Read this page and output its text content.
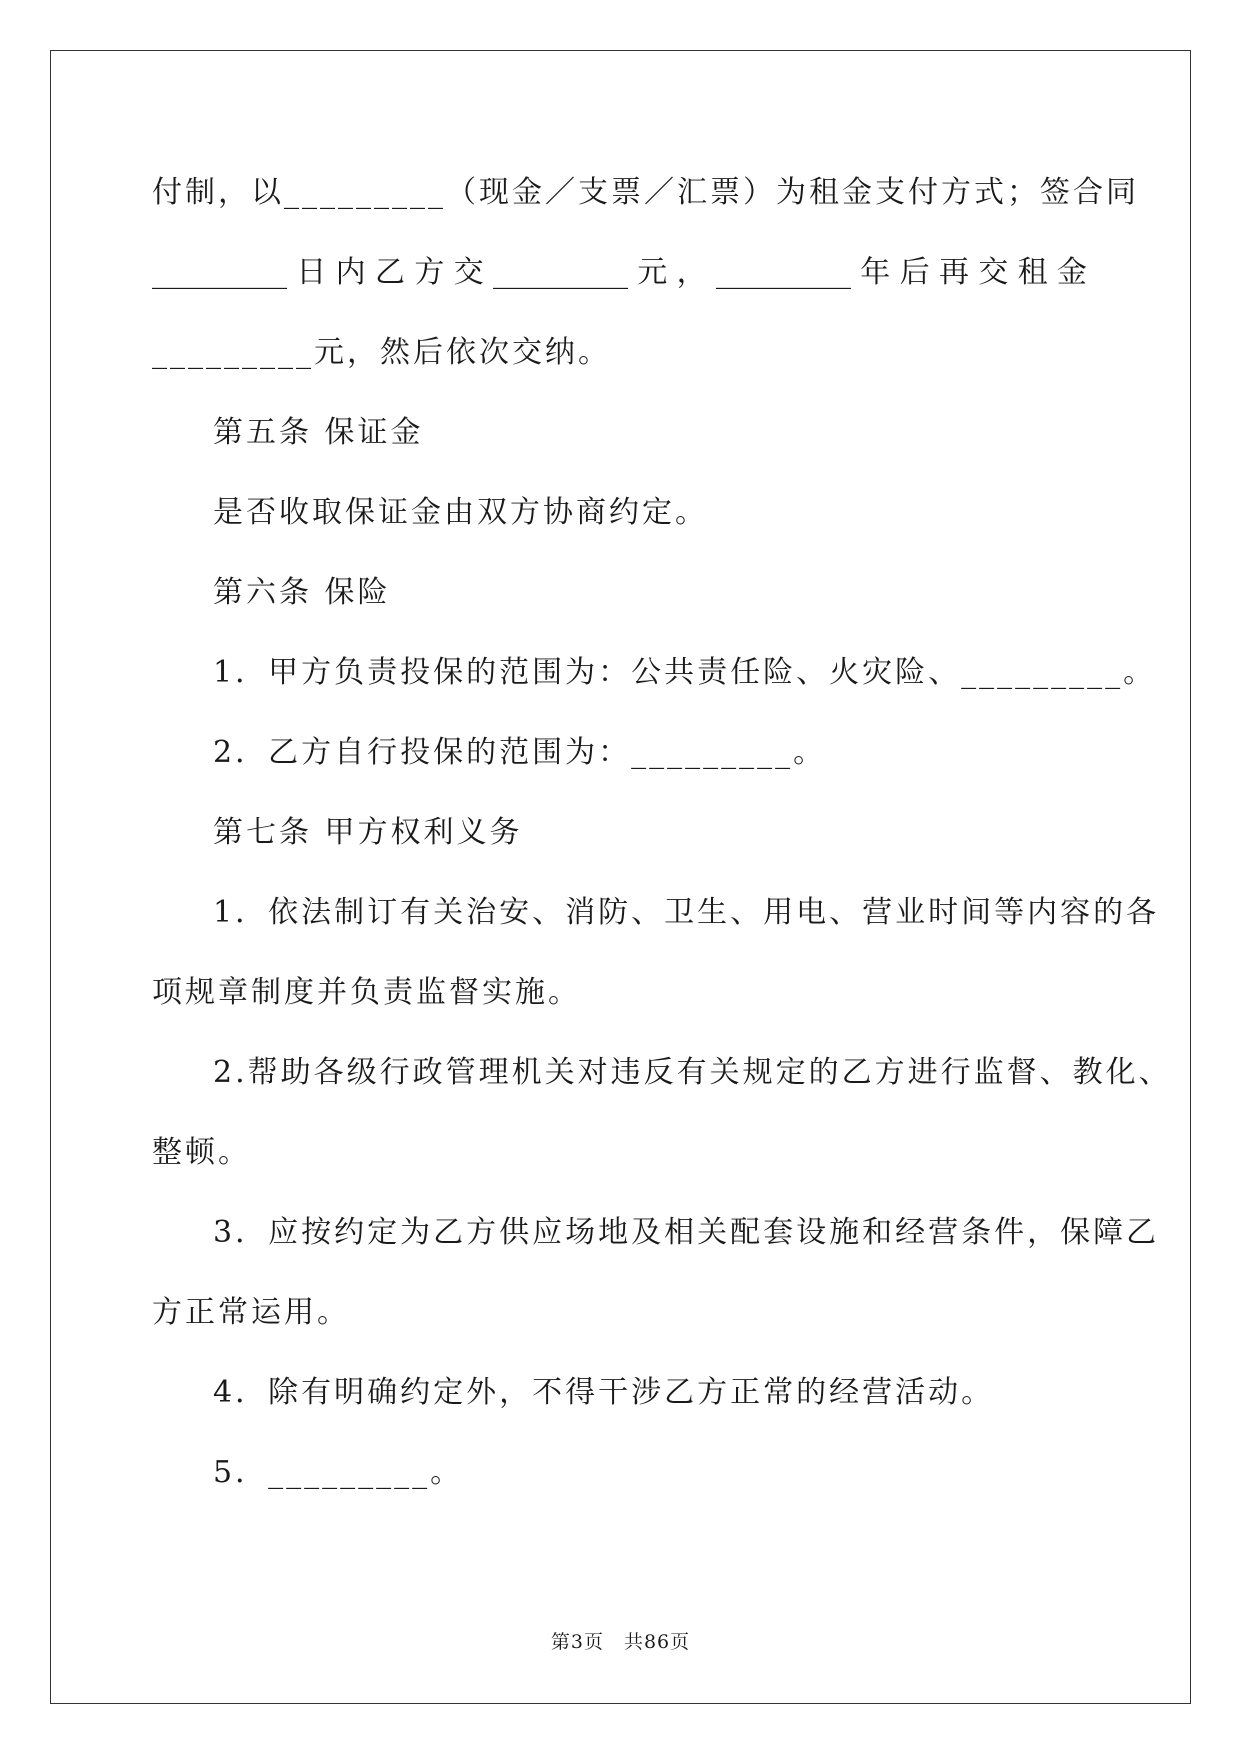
付制，以_________（现金／支票／汇票）为租金支付方式；签合同
_________ 日 内 乙 方 交 _________ 元 ， _________ 年 后 再 交 租 金
_________元，然后依次交纳。
第五条 保证金
是否收取保证金由双方协商约定。
第六条 保险
1．甲方负责投保的范围为：公共责任险、火灾险、_________。
2．乙方自行投保的范围为：_________。
第七条 甲方权利义务
1．依法制订有关治安、消防、卫生、用电、营业时间等内容的各
项规章制度并负责监督实施。
2.帮助各级行政管理机关对违反有关规定的乙方进行监督、教化、
整顿。
3．应按约定为乙方供应场地及相关配套设施和经营条件，保障乙
方正常运用。
4．除有明确约定外，不得干涉乙方正常的经营活动。
5．_________。
第3页　共86页
